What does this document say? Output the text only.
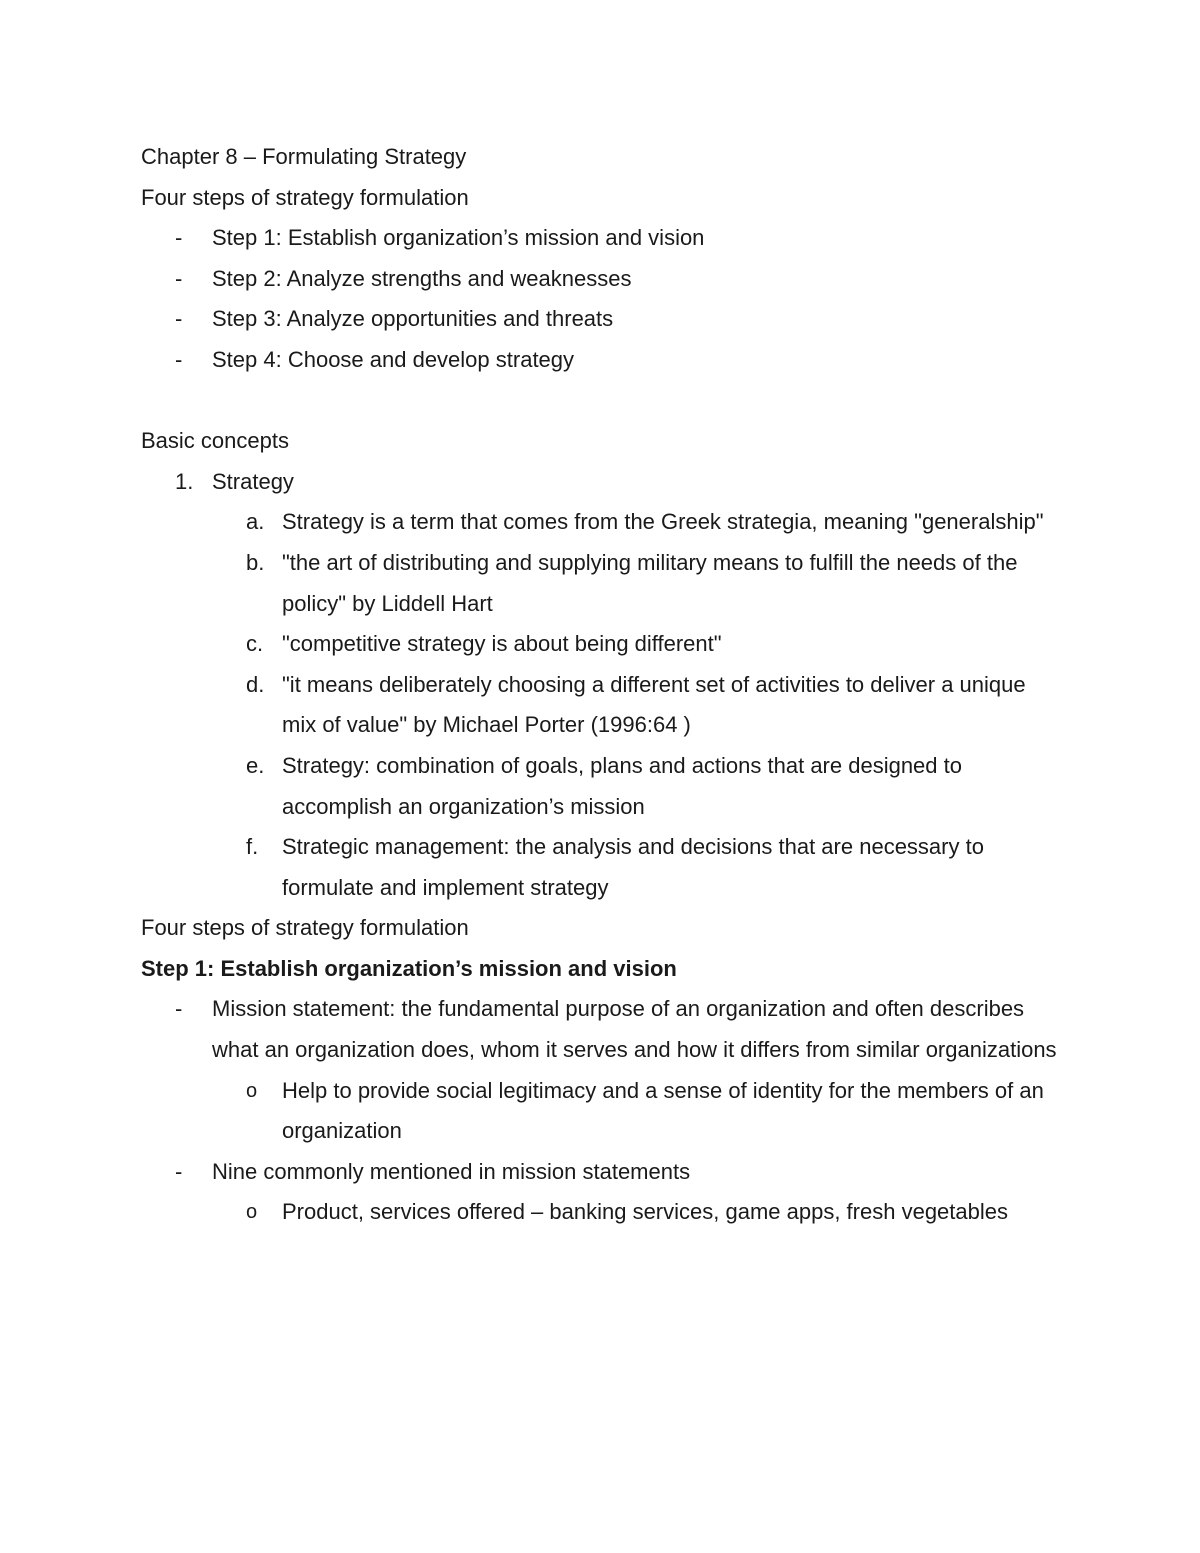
Chapter 8 – Formulating Strategy
Four steps of strategy formulation
-	Step 1: Establish organization’s mission and vision
-	Step 2: Analyze strengths and weaknesses
-	Step 3: Analyze opportunities and threats
-	Step 4: Choose and develop strategy
Basic concepts
1. Strategy
a. Strategy is a term that comes from the Greek strategia, meaning "generalship"
b. "the art of distributing and supplying military means to fulfill the needs of the policy" by Liddell Hart
c. "competitive strategy is about being different"
d. "it means deliberately choosing a different set of activities to deliver a unique mix of value" by Michael Porter (1996:64 )
e. Strategy: combination of goals, plans and actions that are designed to accomplish an organization’s mission
f.	Strategic management: the analysis and decisions that are necessary to formulate and implement strategy
Four steps of strategy formulation
Step 1: Establish organization’s mission and vision
-	Mission statement: the fundamental purpose of an organization and often describes what an organization does, whom it serves and how it differs from similar organizations
o	Help to provide social legitimacy and a sense of identity for the members of an organization
-	Nine commonly mentioned in mission statements
o	Product, services offered – banking services, game apps, fresh vegetables
